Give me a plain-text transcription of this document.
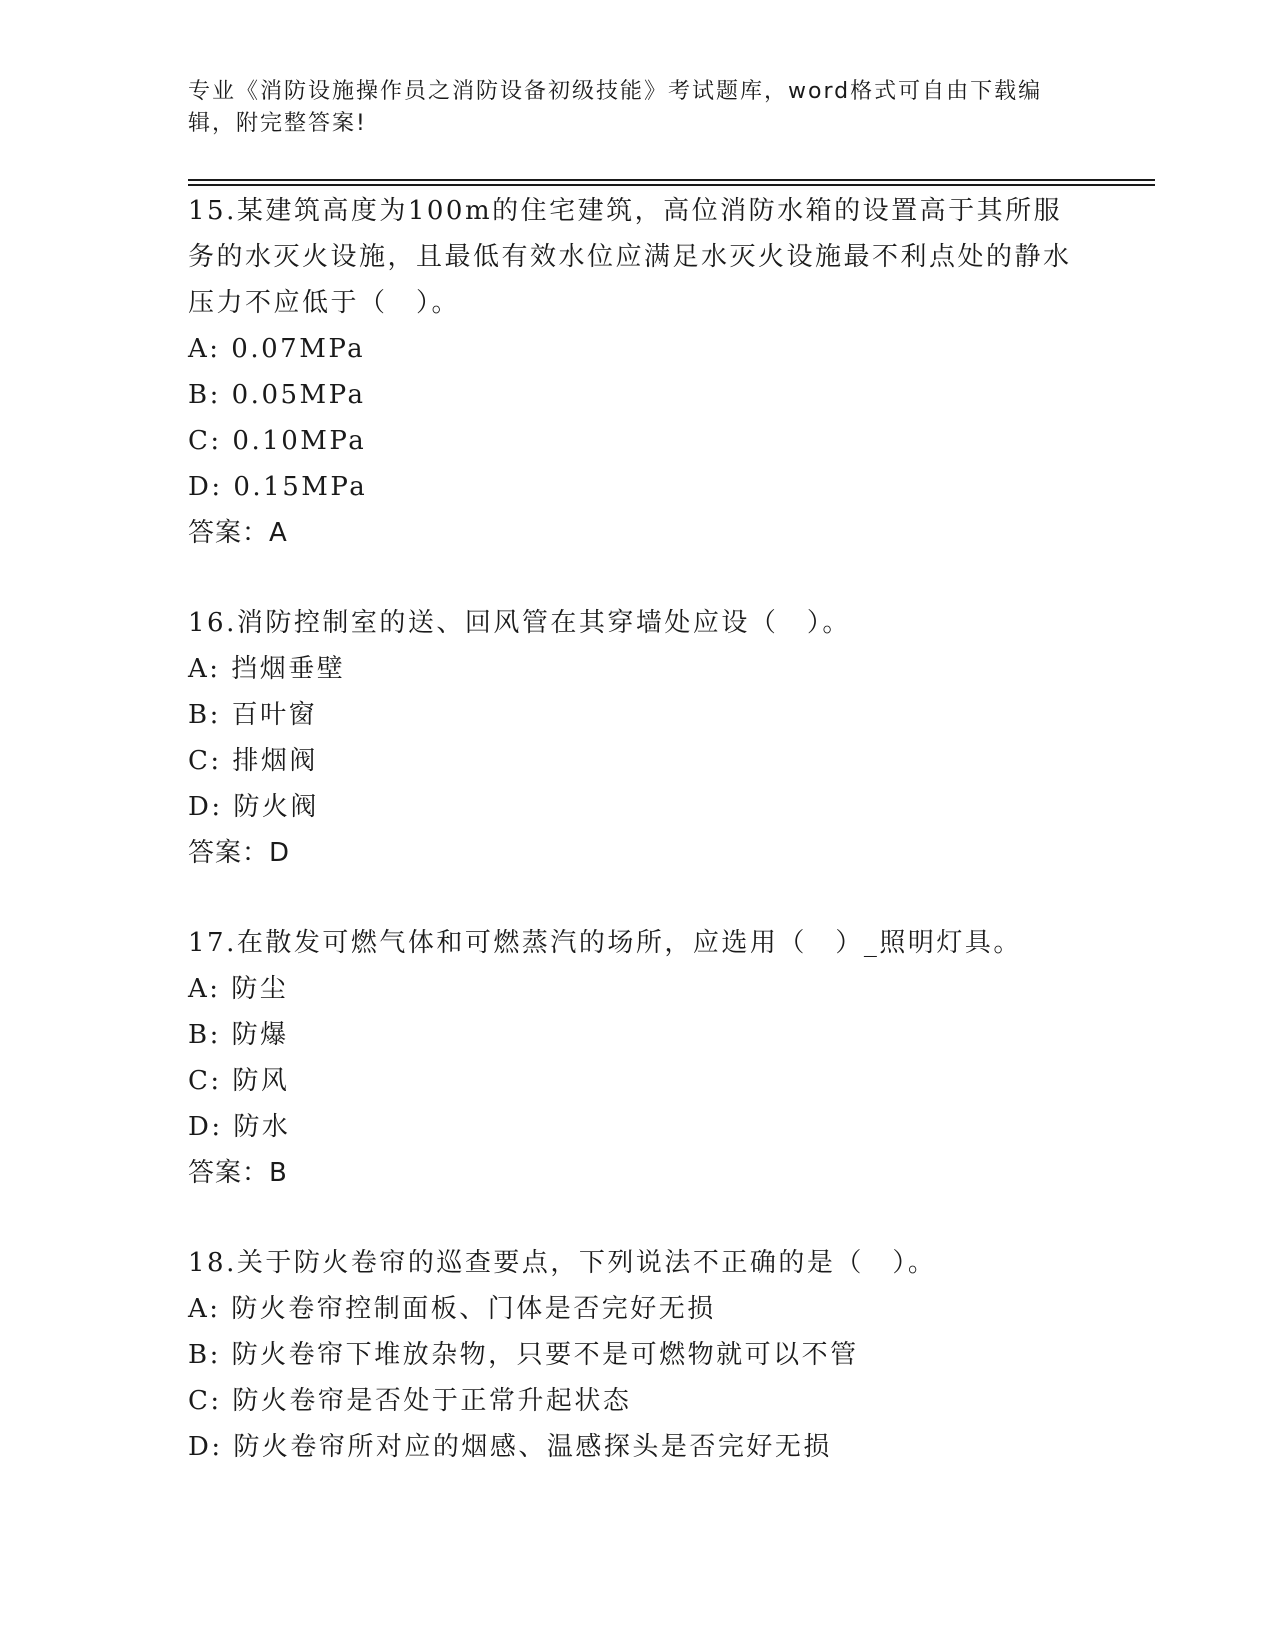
专业《消防设施操作员之消防设备初级技能》考试题库，word格式可自由下载编辑，附完整答案!

15.某建筑高度为100m的住宅建筑，高位消防水箱的设置高于其所服务的水灭火设施，且最低有效水位应满足水灭火设施最不利点处的静水压力不应低于（　）。

A: 0.07MPa

B: 0.05MPa

C: 0.10MPa

D: 0.15MPa

答案：A

16.消防控制室的送、回风管在其穿墙处应设（　）。

A: 挡烟垂壁

B: 百叶窗

C: 排烟阀

D: 防火阀

答案：D

17.在散发可燃气体和可燃蒸汽的场所，应选用（　）_照明灯具。

A: 防尘

B: 防爆

C: 防风

D: 防水

答案：B

18.关于防火卷帘的巡查要点，下列说法不正确的是（　）。

A: 防火卷帘控制面板、门体是否完好无损

B: 防火卷帘下堆放杂物，只要不是可燃物就可以不管

C: 防火卷帘是否处于正常升起状态

D: 防火卷帘所对应的烟感、温感探头是否完好无损
